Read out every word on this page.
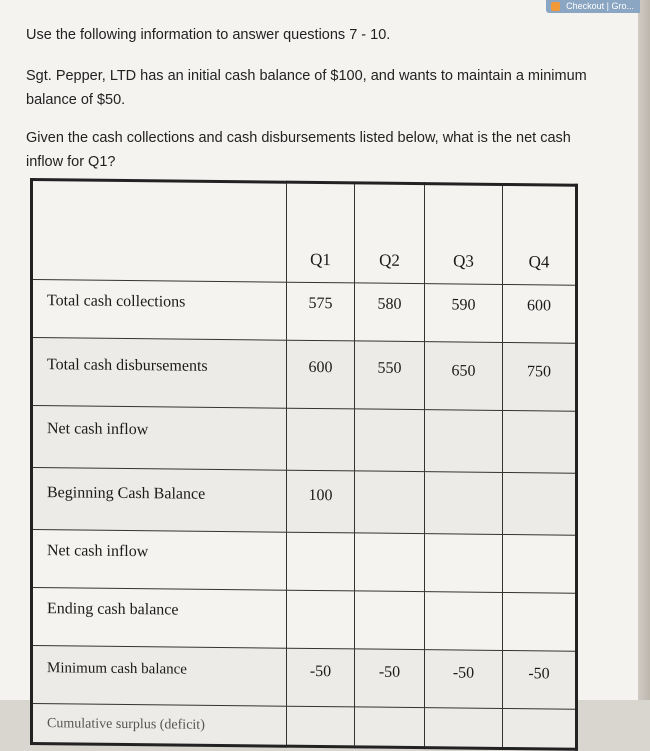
Use the following information to answer questions 7 - 10.
Sgt. Pepper, LTD has an initial cash balance of $100, and wants to maintain a minimum balance of $50.
Given the cash collections and cash disbursements listed below, what is the net cash inflow for Q1?
	Q1	Q2	Q3	Q4
Total cash collections	575	580	590	600
Total cash disbursements	600	550	650	750
Net cash inflow				
Beginning Cash Balance	100			
Net cash inflow				
Ending cash balance				
Minimum cash balance	-50	-50	-50	-50
Cumulative surplus (deficit)				
Checkout | Gro...
